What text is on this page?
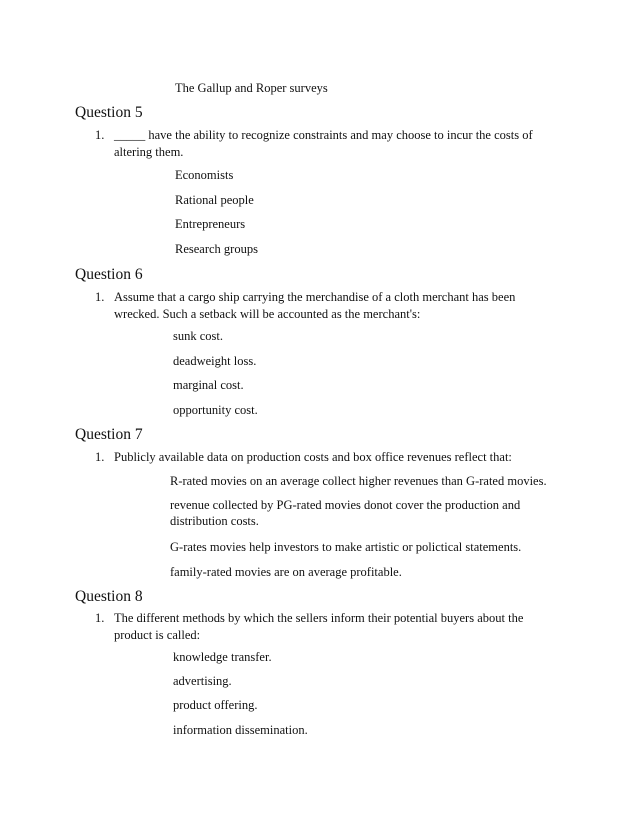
The Gallup and Roper surveys

Question 5
1. _____ have the ability to recognize constraints and may choose to incur the costs of altering them.

Economists

Rational people

Entrepreneurs

Research groups

Question 6
1. Assume that a cargo ship carrying the merchandise of a cloth merchant has been wrecked. Such a setback will be accounted as the merchant's:

sunk cost.

deadweight loss.

marginal cost.

opportunity cost.

Question 7
1. Publicly available data on production costs and box office revenues reflect that:

R-rated movies on an average collect higher revenues than G-rated movies.

revenue collected by PG-rated movies donot cover the production and distribution costs.

G-rates movies help investors to make artistic or polictical statements.

family-rated movies are on average profitable.

Question 8
1. The different methods by which the sellers inform their potential buyers about the product is called:

knowledge transfer.

advertising.

product offering.

information dissemination.
